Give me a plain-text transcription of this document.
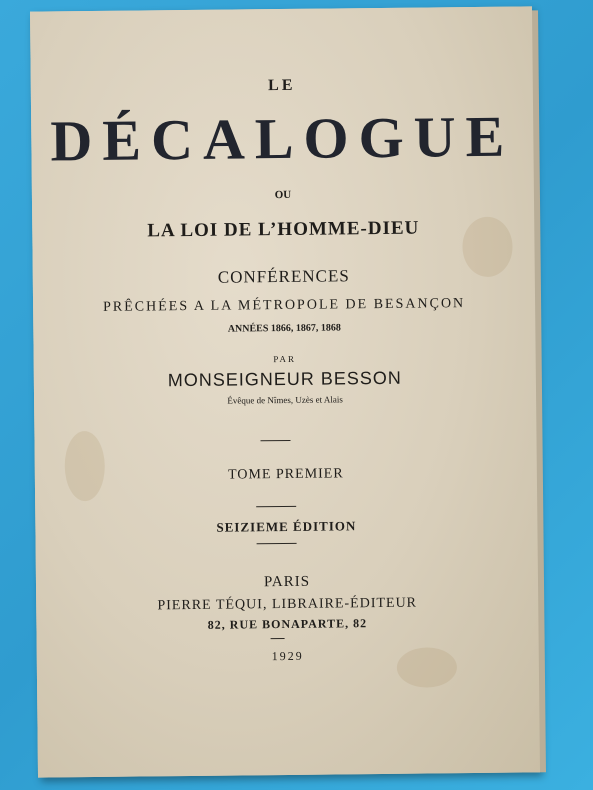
LE
DÉCALOGUE
OU
LA LOI DE L’HOMME-DIEU
CONFÉRENCES
PRÊCHÉES A LA MÉTROPOLE DE BESANÇON
ANNÉES 1866, 1867, 1868
PAR
MONSEIGNEUR BESSON
Évêque de Nîmes, Uzès et Alais
TOME PREMIER
SEIZIEME ÉDITION
PARIS
PIERRE TÉQUI, LIBRAIRE-ÉDITEUR
82, RUE BONAPARTE, 82
1929
